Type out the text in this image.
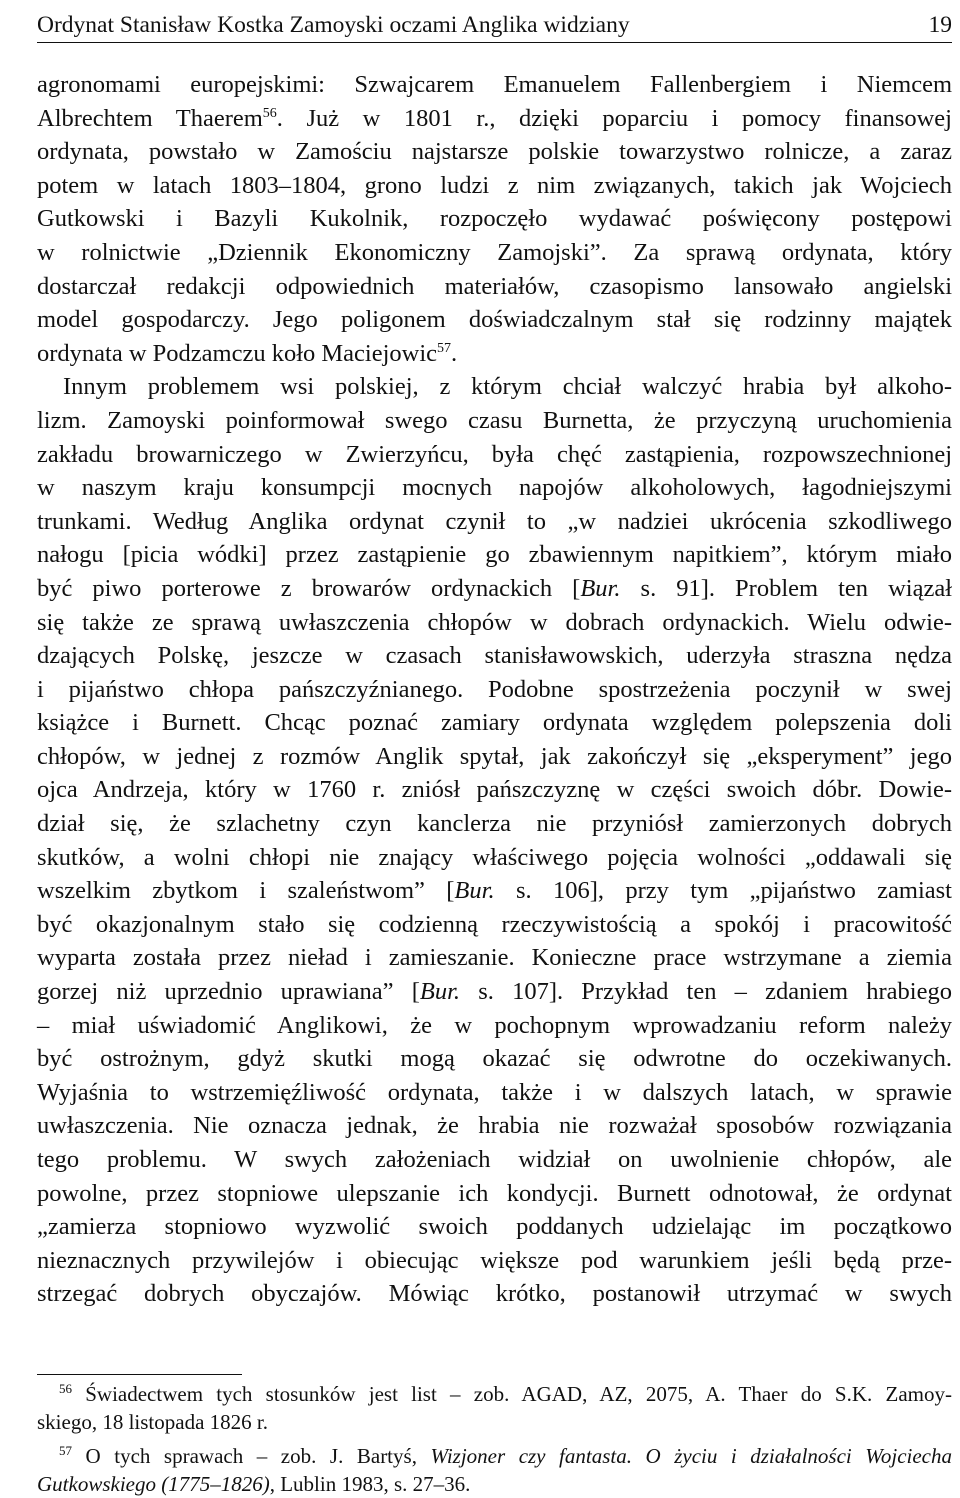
Ordynat Stanisław Kostka Zamoyski oczami Anglika widziany	19
agronomami europejskimi: Szwajcarem Emanuelem Fallenbergiem i Niemcem
Albrechtem Thaerem$^{56}$. Już w 1801 r., dzięki poparciu i pomocy finansowej
ordynata, powstało w Zamościu najstarsze polskie towarzystwo rolnicze, a zaraz
potem w latach 1803–1804, grono ludzi z nim związanych, takich jak Wojciech
Gutkowski i Bazyli Kukolnik, rozpoczęło wydawać poświęcony postępowi
w rolnictwie „Dziennik Ekonomiczny Zamojski”. Za sprawą ordynata, który
dostarczał redakcji odpowiednich materiałów, czasopismo lansowało angielski
model gospodarczy. Jego poligonem doświadczalnym stał się rodzinny majątek
ordynata w Podzamczu koło Maciejowic$^{57}$.
Innym problemem wsi polskiej, z którym chciał walczyć hrabia był alkoho-
lizm. Zamoyski poinformował swego czasu Burnetta, że przyczyną uruchomienia
zakładu browarniczego w Zwierzyńcu, była chęć zastąpienia, rozpowszechnionej
w naszym kraju konsumpcji mocnych napojów alkoholowych, łagodniejszymi
trunkami. Według Anglika ordynat czynił to „w nadziei ukrócenia szkodliwego
nałogu [picia wódki] przez zastąpienie go zbawiennym napitkiem”, którym miało
być piwo porterowe z browarów ordynackich [Bur. s. 91]. Problem ten wiązał
się także ze sprawą uwłaszczenia chłopów w dobrach ordynackich. Wielu odwie-
dzających Polskę, jeszcze w czasach stanisławowskich, uderzyła straszna nędza
i pijaństwo chłopa pańszczyźnianego. Podobne spostrzeżenia poczynił w swej
książce i Burnett. Chcąc poznać zamiary ordynata względem polepszenia doli
chłopów, w jednej z rozmów Anglik spytał, jak zakończył się „eksperyment” jego
ojca Andrzeja, który w 1760 r. zniósł pańszczyznę w części swoich dóbr. Dowie-
dział się, że szlachetny czyn kanclerza nie przyniósł zamierzonych dobrych
skutków, a wolni chłopi nie znający właściwego pojęcia wolności „oddawali się
wszelkim zbytkom i szaleństwom” [Bur. s. 106], przy tym „pijaństwo zamiast
być okazjonalnym stało się codzienną rzeczywistością a spokój i pracowitość
wyparta została przez nieład i zamieszanie. Konieczne prace wstrzymane a ziemia
gorzej niż uprzednio uprawiana” [Bur. s. 107]. Przykład ten – zdaniem hrabiego
– miał uświadomić Anglikowi, że w pochopnym wprowadzaniu reform należy
być ostrożnym, gdyż skutki mogą okazać się odwrotne do oczekiwanych.
Wyjaśnia to wstrzemięźliwość ordynata, także i w dalszych latach, w sprawie
uwłaszczenia. Nie oznacza jednak, że hrabia nie rozważał sposobów rozwiązania
tego problemu. W swych założeniach widział on uwolnienie chłopów, ale
powolne, przez stopniowe ulepszanie ich kondycji. Burnett odnotował, że ordynat
„zamierza stopniowo wyzwolić swoich poddanych udzielając im początkowo
nieznacznych przywilejów i obiecując większe pod warunkiem jeśli będą prze-
strzegać dobrych obyczajów. Mówiąc krótko, postanowił utrzymać w swych
$^{56}$ Świadectwem tych stosunków jest list – zob. AGAD, AZ, 2075, A. Thaer do S.K. Zamoy-
skiego, 18 listopada 1826 r.
$^{57}$ O tych sprawach – zob. J. Bartyś, Wizjoner czy fantasta. O życiu i działalności Wojciecha
Gutkowskiego (1775–1826), Lublin 1983, s. 27–36.
